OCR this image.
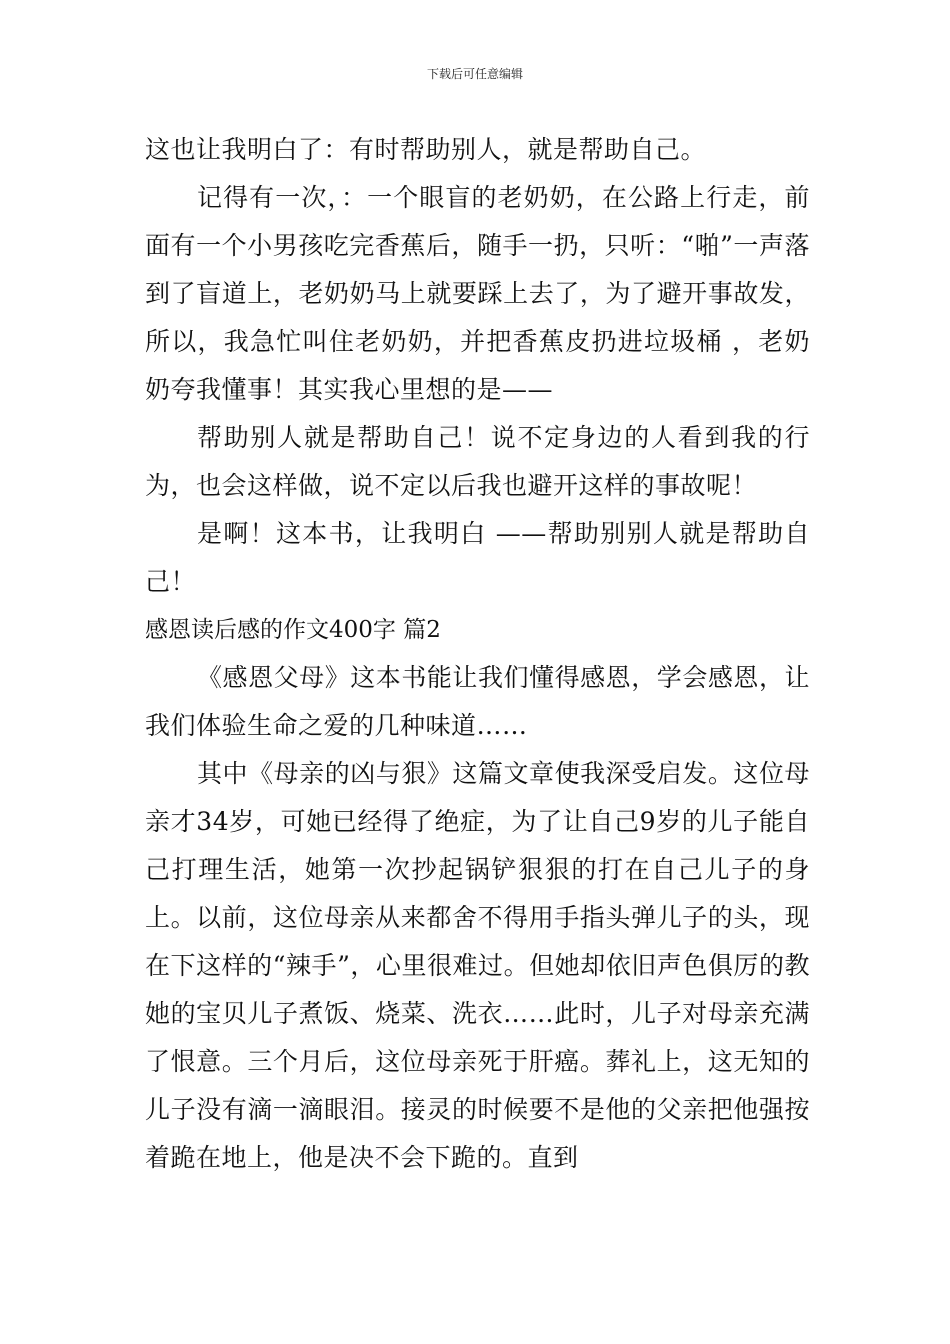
下载后可任意编辑

这也让我明白了：有时帮助别人，就是帮助自己。

记得有一次，：一个眼盲的老奶奶，在公路上行走，前面有一个小男孩吃完香蕉后，随手一扔，只听：“啪”一声落到了盲道上，老奶奶马上就要踩上去了，为了避开事故发，所以，我急忙叫住老奶奶，并把香蕉皮扔进垃圾桶 ，老奶奶夸我懂事！其实我心里想的是——

帮助别人就是帮助自己！说不定身边的人看到我的行为，也会这样做，说不定以后我也避开这样的事故呢！

是啊！这本书，让我明白 ——帮助别别人就是帮助自己！

感恩读后感的作文400字 篇2

《感恩父母》这本书能让我们懂得感恩，学会感恩，让我们体验生命之爱的几种味道……

其中《母亲的凶与狠》这篇文章使我深受启发。这位母亲才34岁，可她已经得了绝症，为了让自己9岁的儿子能自己打理生活，她第一次抄起锅铲狠狠的打在自己儿子的身上。以前，这位母亲从来都舍不得用手指头弹儿子的头，现在下这样的“辣手”，心里很难过。但她却依旧声色俱厉的教她的宝贝儿子煮饭、烧菜、洗衣……此时，儿子对母亲充满了恨意。三个月后，这位母亲死于肝癌。葬礼上，这无知的儿子没有滴一滴眼泪。接灵的时候要不是他的父亲把他强按着跪在地上，他是决不会下跪的。直到
